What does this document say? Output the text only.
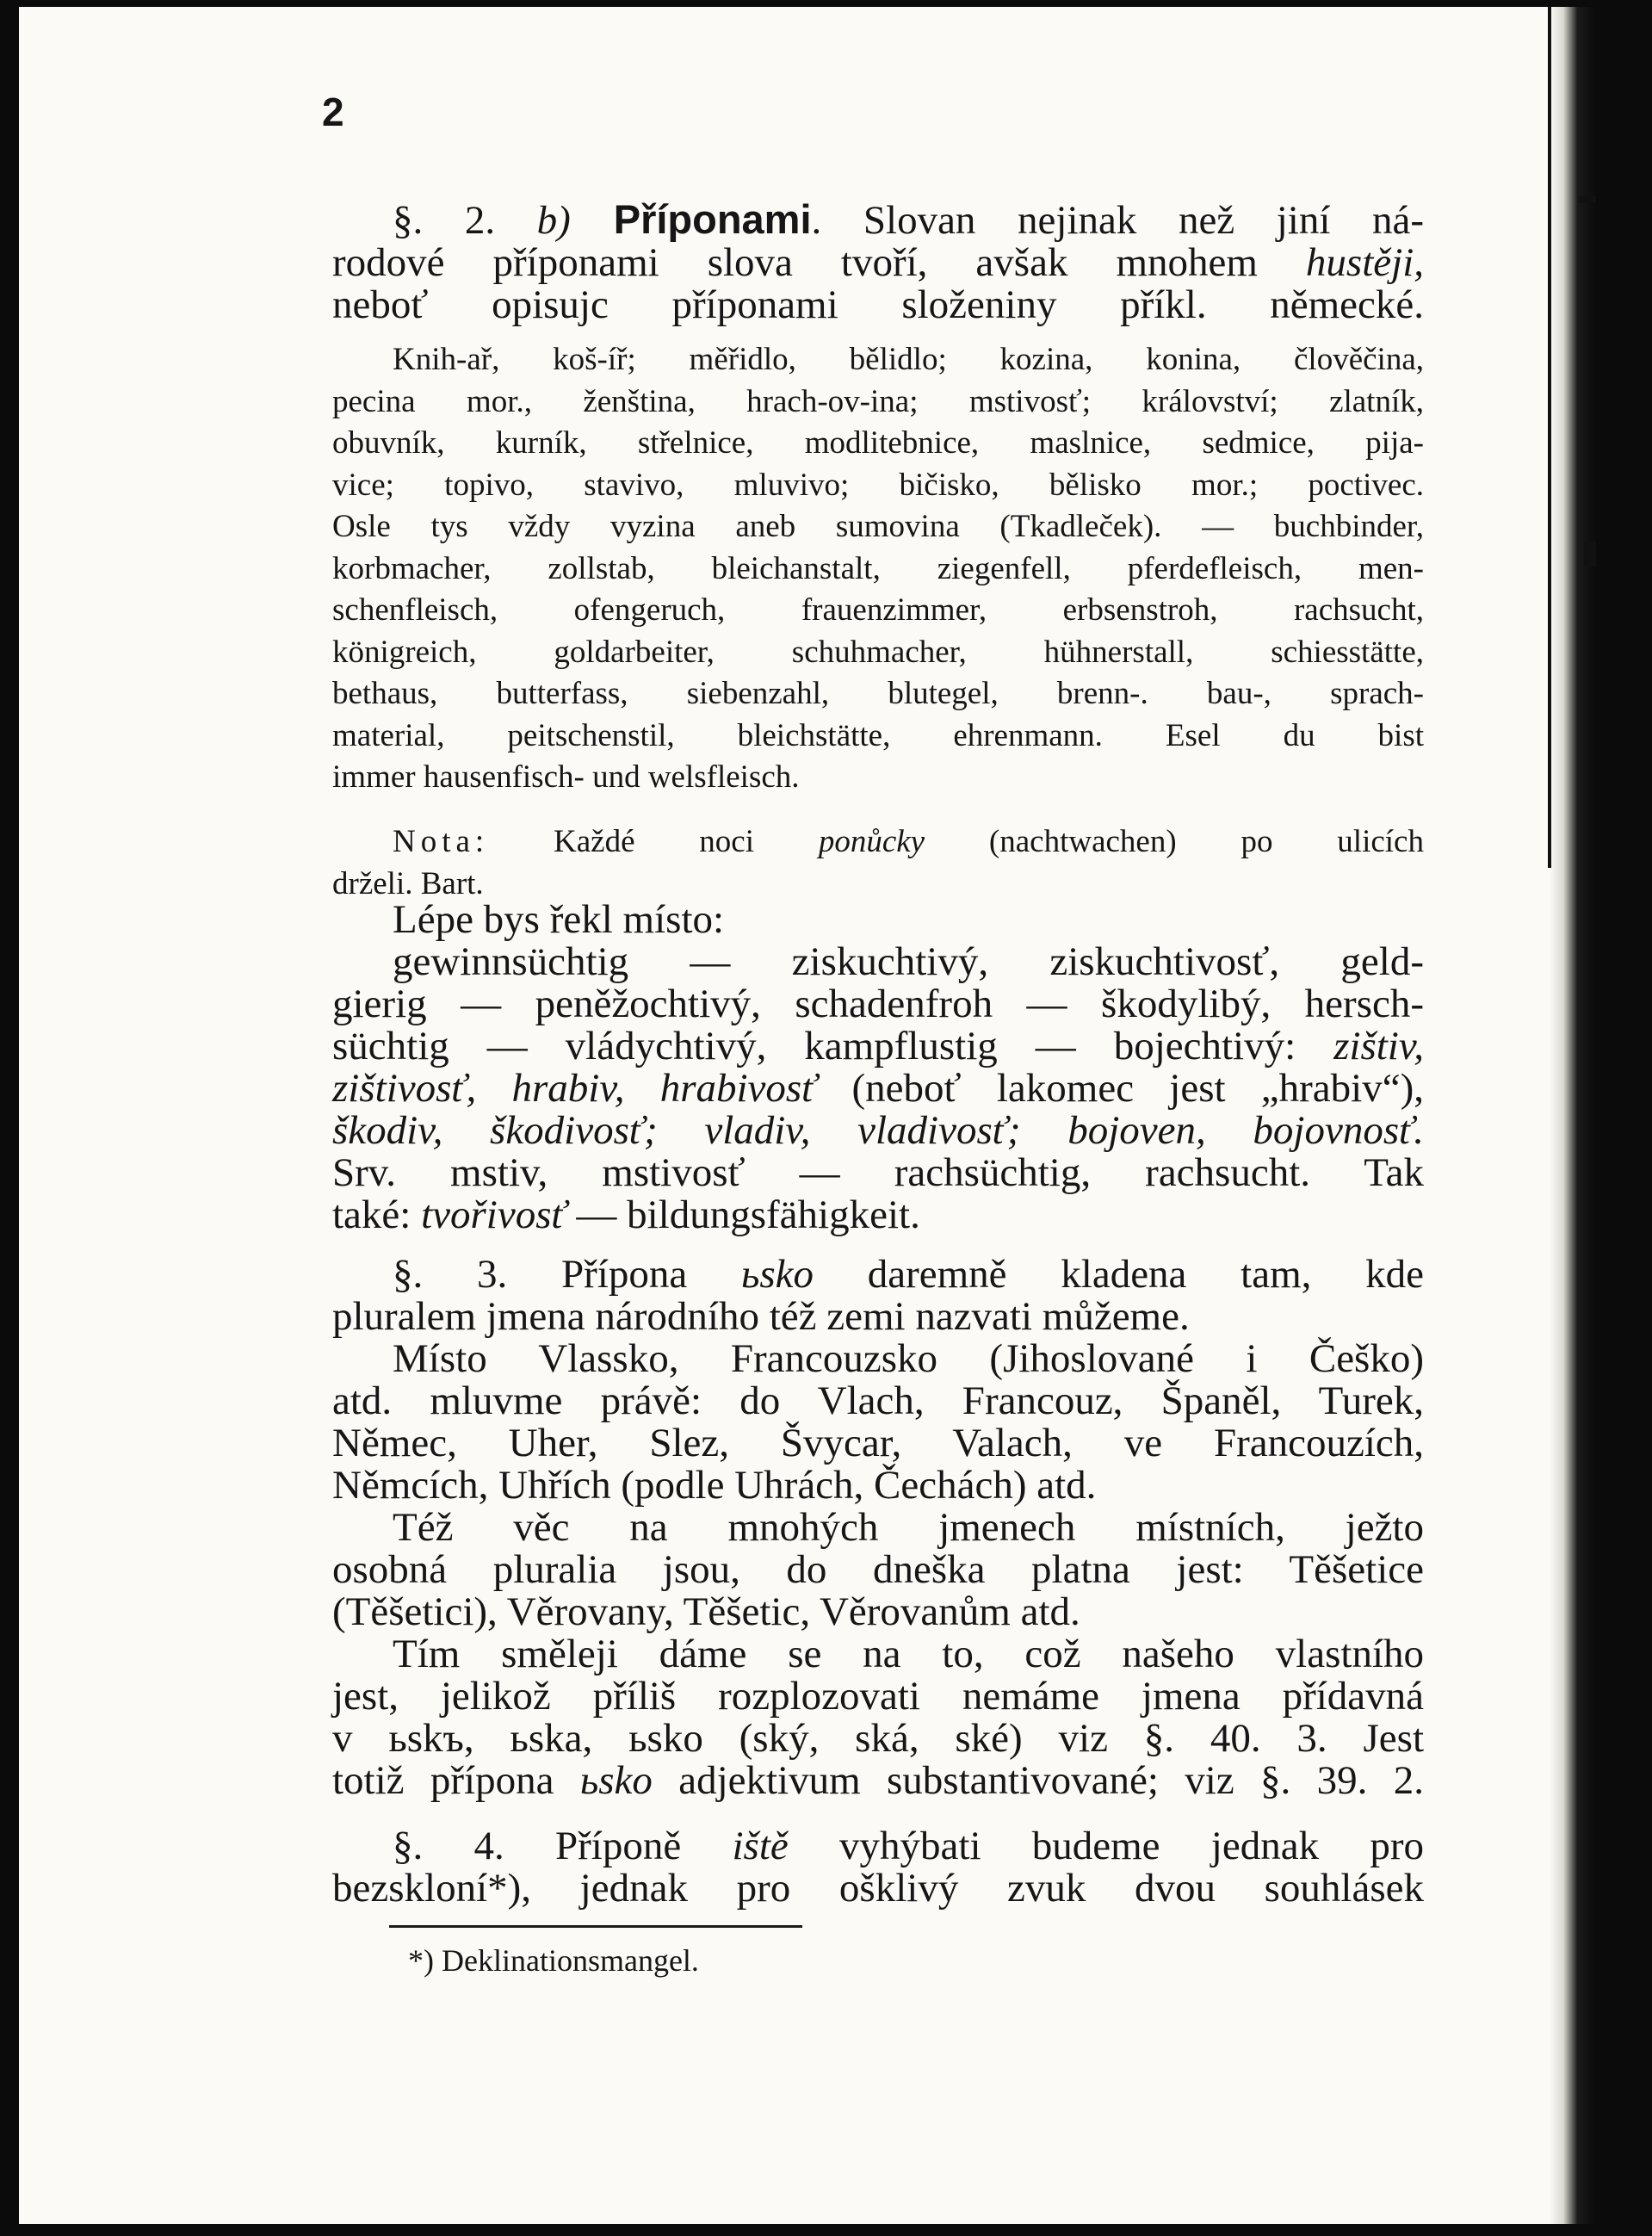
2
§. 2. b) Příponami. Slovan nejinak než jiní ná-
rodové příponami slova tvoří, avšak mnohem hustěji,
neboť opisujc příponami složeniny příkl. německé.
Knih-ař, koš-íř; měřidlo, bělidlo; kozina, konina, člověčina,
pecina mor., ženština, hrach-ov-ina; mstivosť; království; zlatník,
obuvník, kurník, střelnice, modlitebnice, maslnice, sedmice, pija-
vice; topivo, stavivo, mluvivo; bičisko, bělisko mor.; poctivec.
Osle tys vždy vyzina aneb sumovina (Tkadleček). — buchbinder,
korbmacher, zollstab, bleichanstalt, ziegenfell, pferdefleisch, men-
schenfleisch, ofengeruch, frauenzimmer, erbsenstroh, rachsucht,
königreich, goldarbeiter, schuhmacher, hühnerstall, schiesstätte,
bethaus, butterfass, siebenzahl, blutegel, brenn-. bau-, sprach-
material, peitschenstil, bleichstätte, ehrenmann. Esel du bist
immer hausenfisch- und welsfleisch.
Nota: Každé noci ponůcky (nachtwachen) po ulicích
drželi. Bart.
Lépe bys řekl místo:
gewinnsüchtig — ziskuchtivý, ziskuchtivosť, geld-
gierig — peněžochtivý, schadenfroh — škodylibý, hersch-
süchtig — vládychtivý, kampflustig — bojechtivý: zištiv,
zištivosť, hrabiv, hrabivosť (neboť lakomec jest „hrabiv“),
škodiv, škodivosť; vladiv, vladivosť; bojoven, bojovnosť.
Srv. mstiv, mstivosť — rachsüchtig, rachsucht. Tak
také: tvořivosť — bildungsfähigkeit.
§. 3. Přípona ьsko daremně kladena tam, kde
pluralem jmena národního též zemi nazvati můžeme.
Místo Vlassko, Francouzsko (Jihoslované i Češko)
atd. mluvme právě: do Vlach, Francouz, Španěl, Turek,
Němec, Uher, Slez, Švycar, Valach, ve Francouzích,
Němcích, Uhřích (podle Uhrách, Čechách) atd.
Též věc na mnohých jmenech místních, ježto
osobná pluralia jsou, do dneška platna jest: Těšetice
(Těšetici), Věrovany, Těšetic, Věrovanům atd.
Tím směleji dáme se na to, což našeho vlastního
jest, jelikož příliš rozplozovati nemáme jmena přídavná
v ьskъ, ьska, ьsko (ský, ská, ské) viz §. 40. 3. Jest
totiž přípona ьsko adjektivum substantivované; viz §. 39. 2.
§. 4. Příponě iště vyhýbati budeme jednak pro
bezskloní*), jednak pro ošklivý zvuk dvou souhlásek
*) Deklinationsmangel.
